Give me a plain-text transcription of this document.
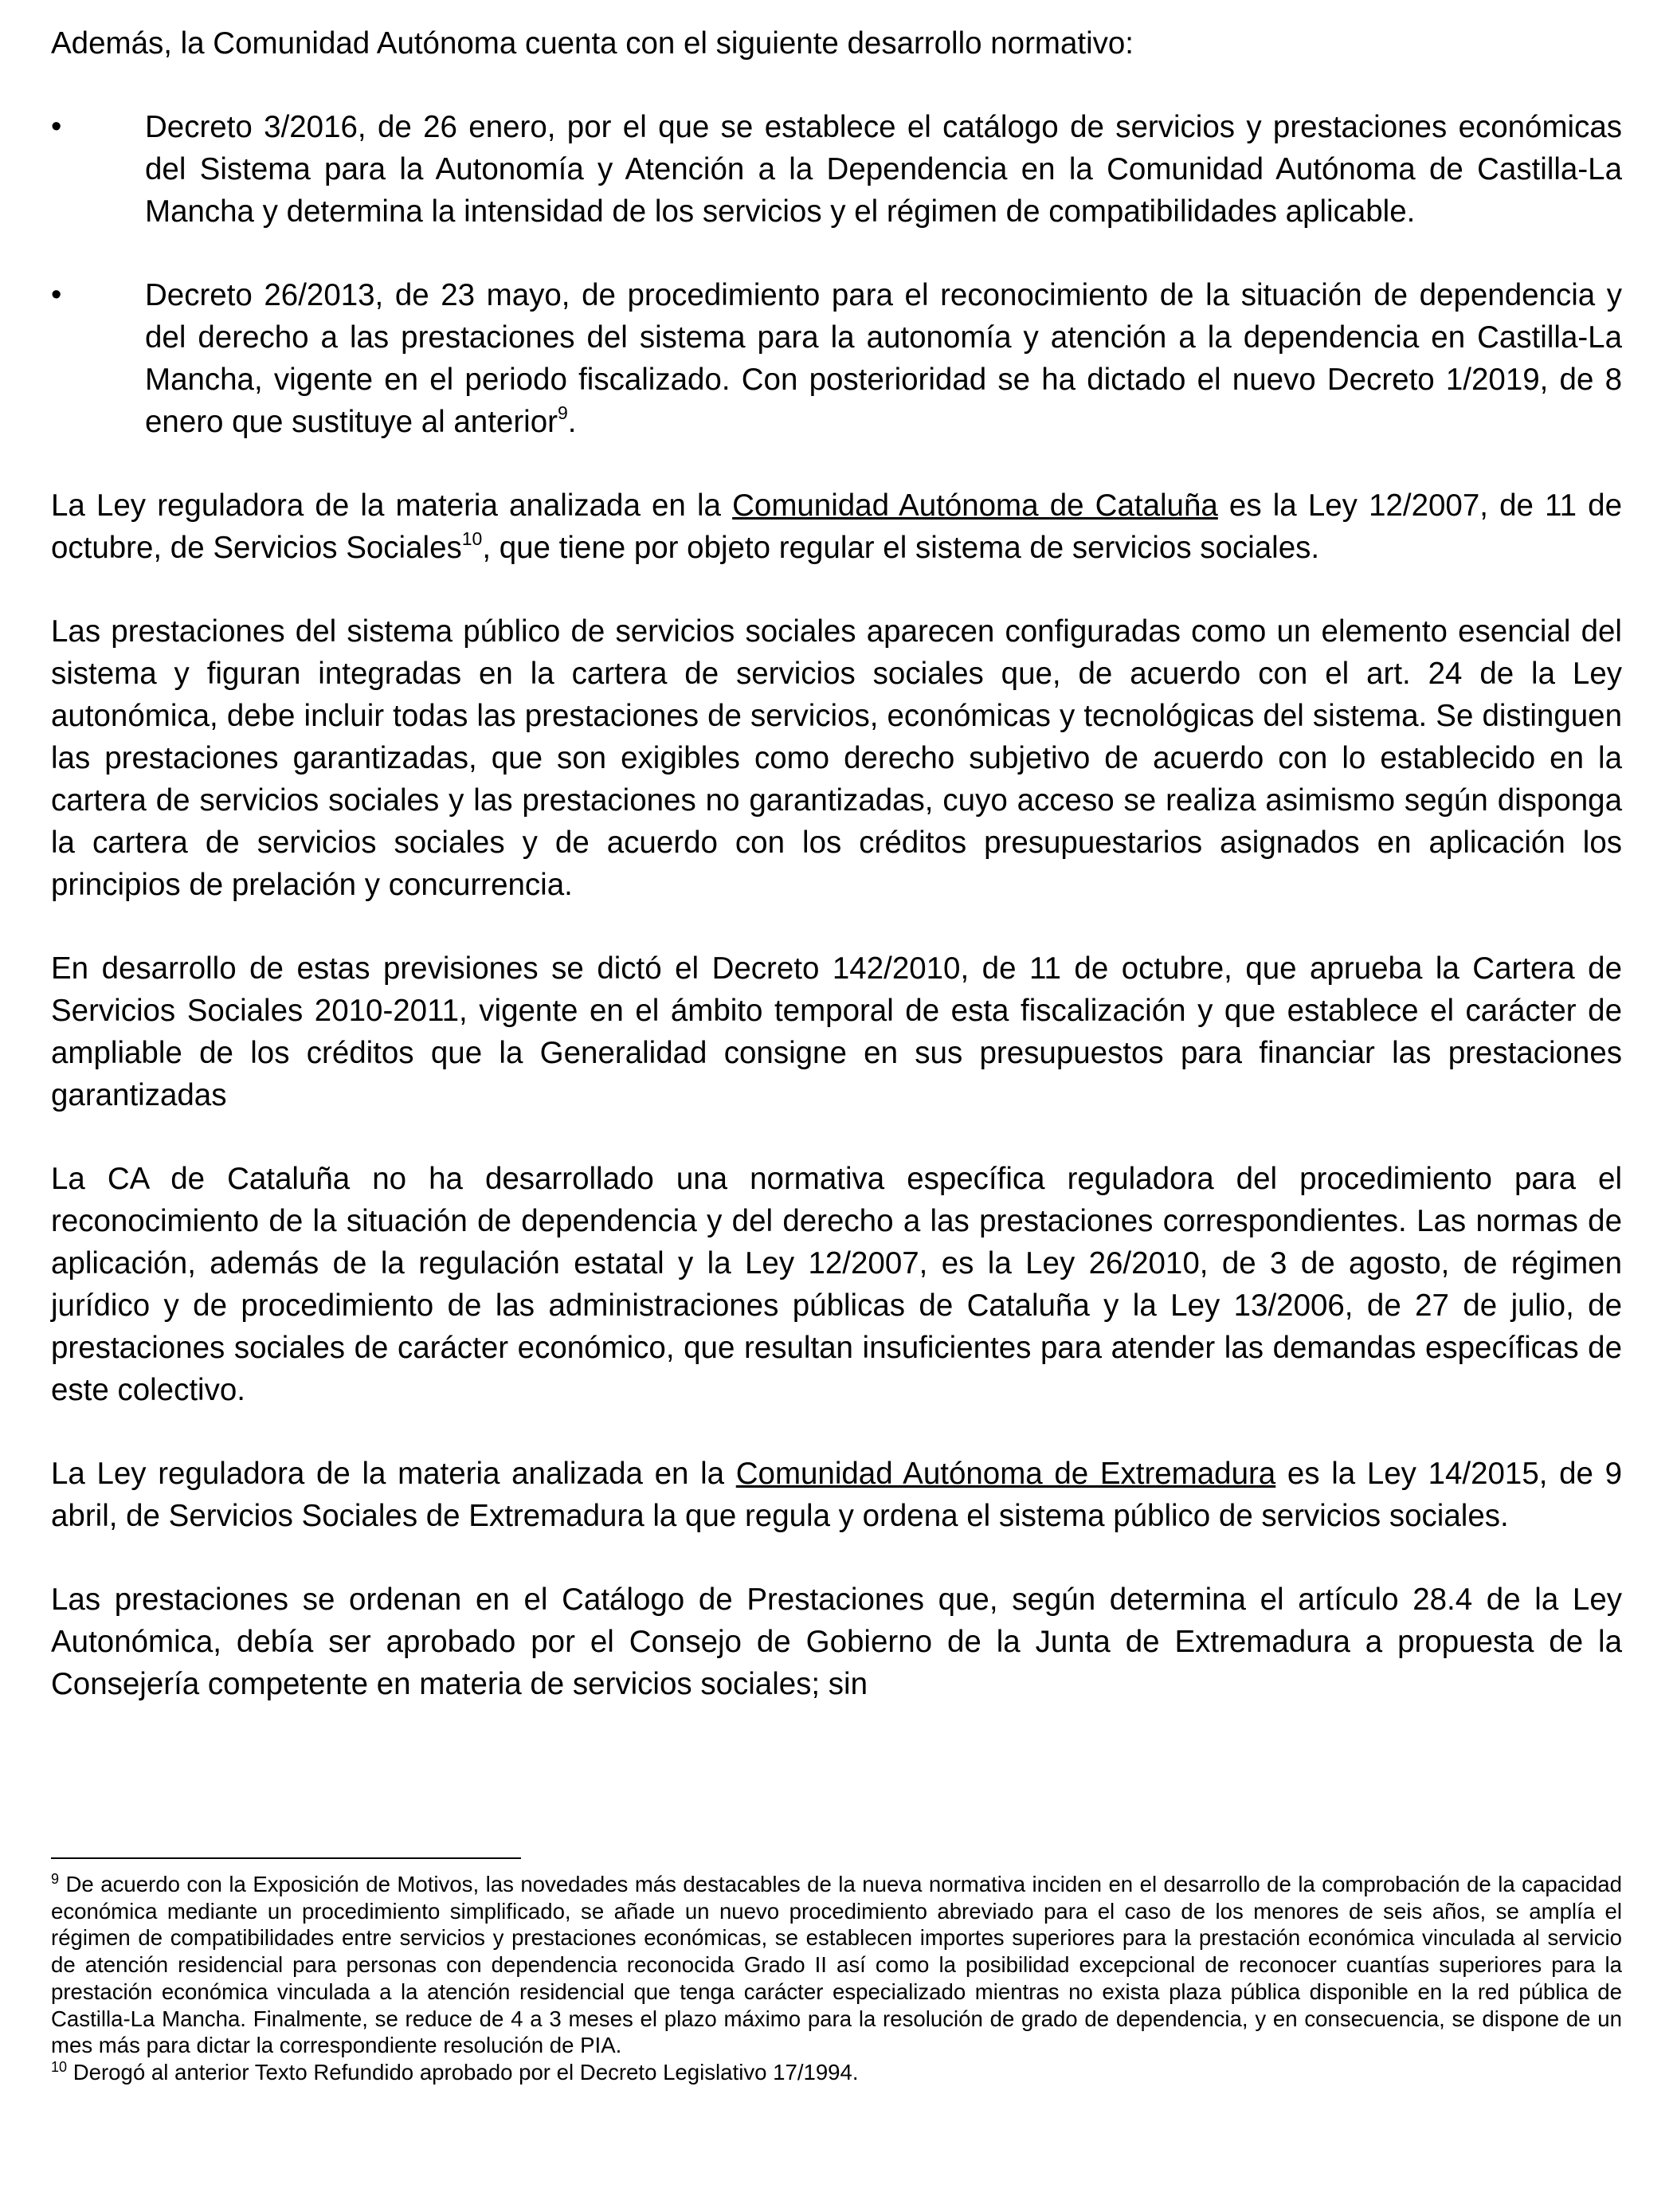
Además, la Comunidad Autónoma cuenta con el siguiente desarrollo normativo:

•	Decreto 3/2016, de 26 enero, por el que se establece el catálogo de servicios y prestaciones económicas del Sistema para la Autonomía y Atención a la Dependencia en la Comunidad Autónoma de Castilla-La Mancha y determina la intensidad de los servicios y el régimen de compatibilidades aplicable.

•	Decreto 26/2013, de 23 mayo, de procedimiento para el reconocimiento de la situación de dependencia y del derecho a las prestaciones del sistema para la autonomía y atención a la dependencia en Castilla-La Mancha, vigente en el periodo fiscalizado. Con posterioridad se ha dictado el nuevo Decreto 1/2019, de 8 enero que sustituye al anterior$^9$.

La Ley reguladora de la materia analizada en la Comunidad Autónoma de Cataluña es la Ley 12/2007, de 11 de octubre, de Servicios Sociales$^{10}$, que tiene por objeto regular el sistema de servicios sociales.

Las prestaciones del sistema público de servicios sociales aparecen configuradas como un elemento esencial del sistema y figuran integradas en la cartera de servicios sociales que, de acuerdo con el art. 24 de la Ley autonómica, debe incluir todas las prestaciones de servicios, económicas y tecnológicas del sistema. Se distinguen las prestaciones garantizadas, que son exigibles como derecho subjetivo de acuerdo con lo establecido en la cartera de servicios sociales y las prestaciones no garantizadas, cuyo acceso se realiza asimismo según disponga la cartera de servicios sociales y de acuerdo con los créditos presupuestarios asignados en aplicación los principios de prelación y concurrencia.

En desarrollo de estas previsiones se dictó el Decreto 142/2010, de 11 de octubre, que aprueba la Cartera de Servicios Sociales 2010-2011, vigente en el ámbito temporal de esta fiscalización y que establece el carácter de ampliable de los créditos que la Generalidad consigne en sus presupuestos para financiar las prestaciones garantizadas

La CA de Cataluña no ha desarrollado una normativa específica reguladora del procedimiento para el reconocimiento de la situación de dependencia y del derecho a las prestaciones correspondientes. Las normas de aplicación, además de la regulación estatal y la Ley 12/2007, es la Ley 26/2010, de 3 de agosto, de régimen jurídico y de procedimiento de las administraciones públicas de Cataluña y la Ley 13/2006, de 27 de julio, de prestaciones sociales de carácter económico, que resultan insuficientes para atender las demandas específicas de este colectivo.

La Ley reguladora de la materia analizada en la Comunidad Autónoma de Extremadura es la Ley 14/2015, de 9 abril, de Servicios Sociales de Extremadura la que regula y ordena el sistema público de servicios sociales.

Las prestaciones se ordenan en el Catálogo de Prestaciones que, según determina el artículo 28.4 de la Ley Autonómica, debía ser aprobado por el Consejo de Gobierno de la Junta de Extremadura a propuesta de la Consejería competente en materia de servicios sociales; sin

$^9$ De acuerdo con la Exposición de Motivos, las novedades más destacables de la nueva normativa inciden en el desarrollo de la comprobación de la capacidad económica mediante un procedimiento simplificado, se añade un nuevo procedimiento abreviado para el caso de los menores de seis años, se amplía el régimen de compatibilidades entre servicios y prestaciones económicas, se establecen importes superiores para la prestación económica vinculada al servicio de atención residencial para personas con dependencia reconocida Grado II así como la posibilidad excepcional de reconocer cuantías superiores para la prestación económica vinculada a la atención residencial que tenga carácter especializado mientras no exista plaza pública disponible en la red pública de Castilla-La Mancha. Finalmente, se reduce de 4 a 3 meses el plazo máximo para la resolución de grado de dependencia, y en consecuencia, se dispone de un mes más para dictar la correspondiente resolución de PIA.

$^{10}$ Derogó al anterior Texto Refundido aprobado por el Decreto Legislativo 17/1994.
